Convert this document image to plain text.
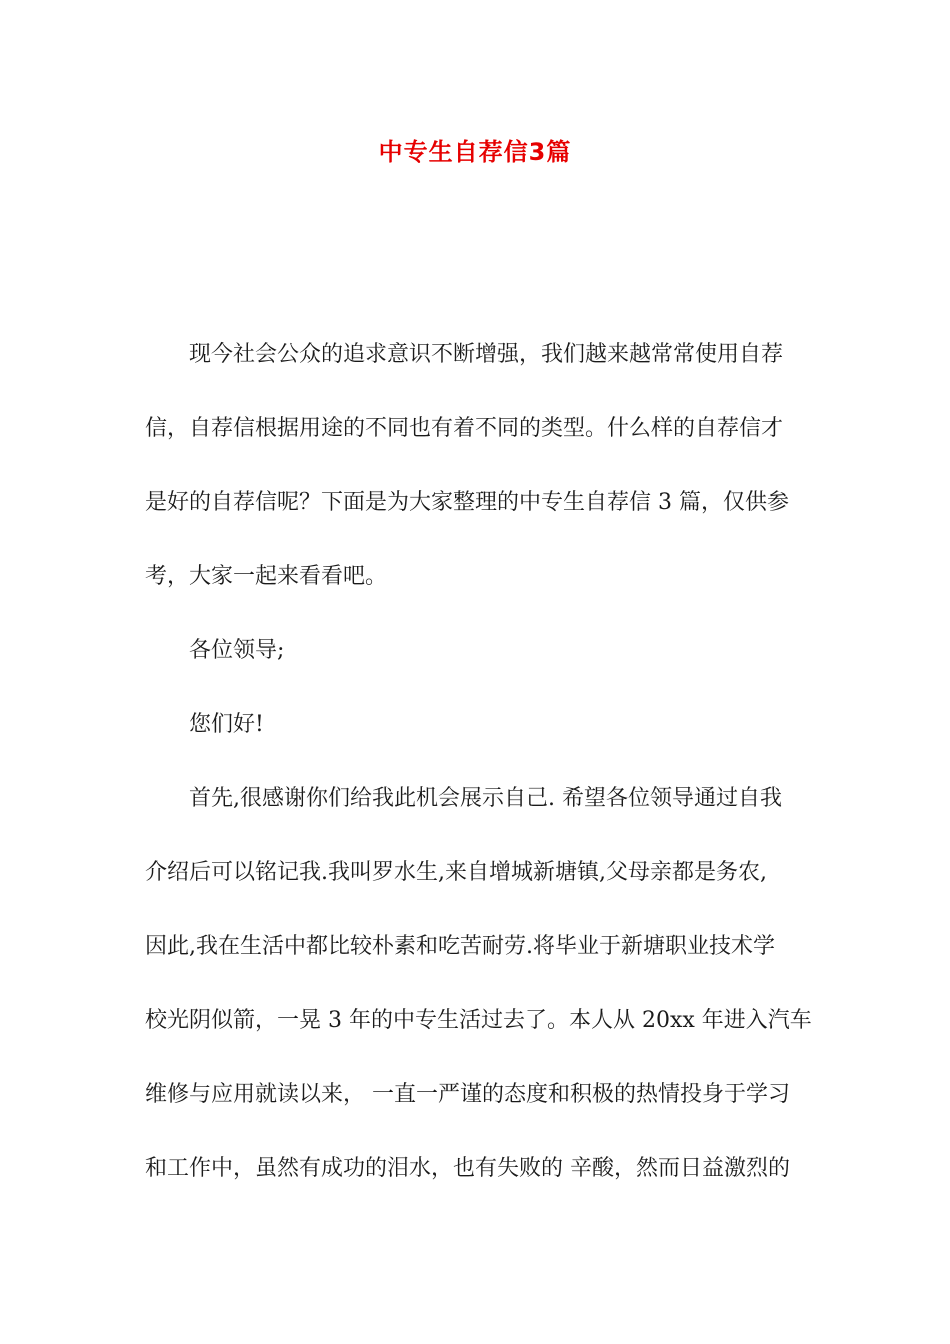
中专生自荐信3篇
现今社会公众的追求意识不断增强，我们越来越常常使用自荐
信，自荐信根据用途的不同也有着不同的类型。什么样的自荐信才
是好的自荐信呢？下面是为大家整理的中专生自荐信 3 篇，仅供参
考，大家一起来看看吧。
各位领导;
您们好!
首先,很感谢你们给我此机会展示自己. 希望各位领导通过自我
介绍后可以铭记我.我叫罗水生,来自增城新塘镇,父母亲都是务农,
因此,我在生活中都比较朴素和吃苦耐劳.将毕业于新塘职业技术学
校光阴似箭，一晃 3 年的中专生活过去了。本人从 20xx 年进入汽车
维修与应用就读以来， 一直一严谨的态度和积极的热情投身于学习
和工作中，虽然有成功的泪水，也有失败的 辛酸，然而日益激烈的
